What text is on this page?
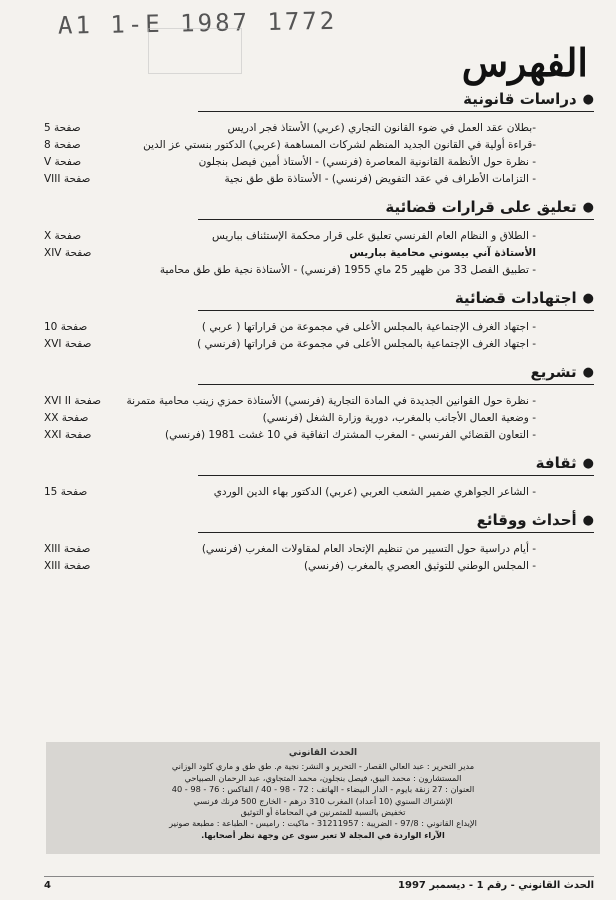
A1 1-E 1987 1772
الفهرس
●
دراسات قانونية
-بطلان عقد العمل في ضوء القانون التجاري (عربي) الأستاذ فجر ادريس
صفحة 5
-قراءة أولية في القانون الجديد المنظم لشركات المساهمة (عربي) الدكتور بنستي عز الدين
صفحة 8
- نظرة حول الأنظمة القانونية المعاصرة (فرنسي) - الأستاذ أمين فيصل بنجلون
صفحة V
- التزامات الأطراف في عقد التفويض (فرنسي) - الأستاذة طق طق نجية
صفحة VIII
●
تعليق على قرارات قضائية
- الطلاق و النظام العام الفرنسي تعليق على قرار محكمة الإستئناف بباريس
صفحة X
الأستاذة آني بيسوني محامية بباريس
صفحة XIV
- تطبيق الفصل 33 من ظهير 25 ماي 1955 (فرنسي) - الأستاذة نجية طق طق محامية
●
اجتهادات قضائية
- اجتهاد الغرف الإجتماعية بالمجلس الأعلى في مجموعة من قراراتها ( عربي )
صفحة 10
- اجتهاد الغرف الإجتماعية بالمجلس الأعلى في مجموعة من قراراتها (فرنسي )
صفحة XVI
●
تشريع
- نظرة حول القوانين الجديدة في المادة التجارية (فرنسي) الأستاذة حمزي زينب محامية متمرنة
صفحة XVI II
- وضعية العمال الأجانب بالمغرب، دورية وزارة الشغل (فرنسي)
صفحة XX
- التعاون القضائي الفرنسي - المغرب المشترك اتفاقية في 10 غشت 1981 (فرنسي)
صفحة XXI
●
ثقافة
- الشاعر الجواهري ضمير الشعب العربي (عربي) الدكتور بهاء الدين الوردي
صفحة 15
●
أحداث ووقائع
- أيام دراسية حول التسيير من تنظيم الإتحاد العام لمقاولات المغرب (فرنسي)
صفحة XIII
- المجلس الوطني للتوثيق العصري بالمغرب (فرنسي)
صفحة XIII
الحدث القانوني
مدير التحرير : عبد العالي القصار - التحرير و النشر: نجية م. طق طق و ماري كلود الوزاني
المستشارون : محمد البيق، فيصل بنجلون، محمد المتجاوي، عبد الرحمان الصبياحي
العنوان : 27 زنقة بايوم - الدار البيضاء - الهاتف : 72 - 98 - 40 / الفاكس : 76 - 98 - 40
الإشتراك السنوي (10 أعداد) المغرب 310 درهم - الخارج 500 فرنك فرنسي
تخفيض بالنسبة للمتمرنين في المحاماة أو التوثيق
الإيداع القانوني : 97/8 - الضريبة : 31211957 - ماكيت : راميس - الطباعة : مطبعة صونير
الآراء الواردة في المجلة لا تعبر سوى عن وجهة نظر أصحابها.
الحدث القانوني - رقم 1 - ديسمبر 1997
4
